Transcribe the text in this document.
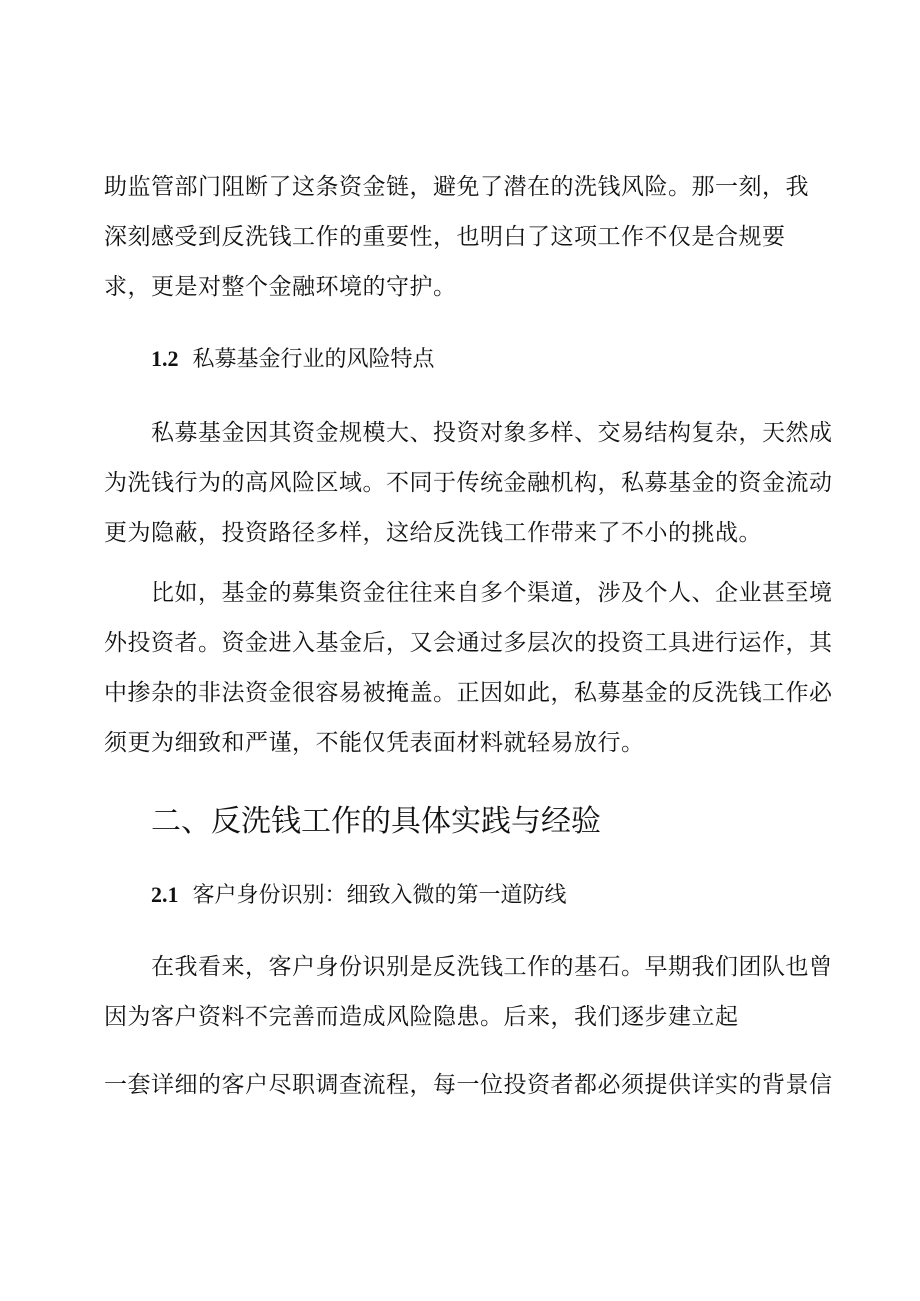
助监管部门阻断了这条资金链，避免了潜在的洗钱风险。那一刻，我
深刻感受到反洗钱工作的重要性，也明白了这项工作不仅是合规要
求，更是对整个金融环境的守护。

1.2 私募基金行业的风险特点

私募基金因其资金规模大、投资对象多样、交易结构复杂，天然成
为洗钱行为的高风险区域。不同于传统金融机构，私募基金的资金流动
更为隐蔽，投资路径多样，这给反洗钱工作带来了不小的挑战。

比如，基金的募集资金往往来自多个渠道，涉及个人、企业甚至境
外投资者。资金进入基金后，又会通过多层次的投资工具进行运作，其
中掺杂的非法资金很容易被掩盖。正因如此，私募基金的反洗钱工作必
须更为细致和严谨，不能仅凭表面材料就轻易放行。

二、反洗钱工作的具体实践与经验
2.1 客户身份识别：细致入微的第一道防线

在我看来，客户身份识别是反洗钱工作的基石。早期我们团队也曾
因为客户资料不完善而造成风险隐患。后来，我们逐步建立起

一套详细的客户尽职调查流程，每一位投资者都必须提供详实的背景信
